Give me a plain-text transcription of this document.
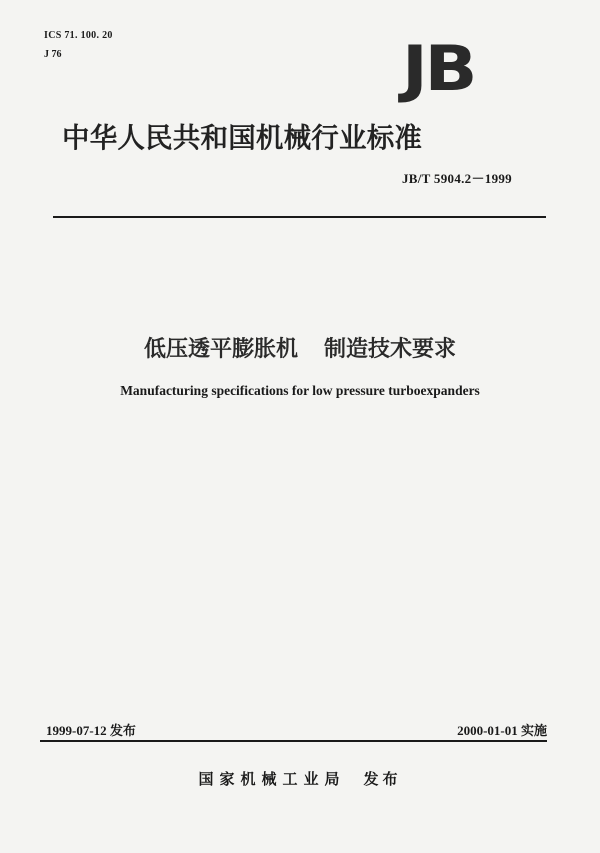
ICS 71. 100. 20
J 76	JB
中华人民共和国机械行业标准
JB/T 5904.2－1999
低压透平膨胀机 制造技术要求
Manufacturing specifications for low pressure turboexpanders
1999-07-12 发布	2000-01-01 实施
国家机械工业局 发布
